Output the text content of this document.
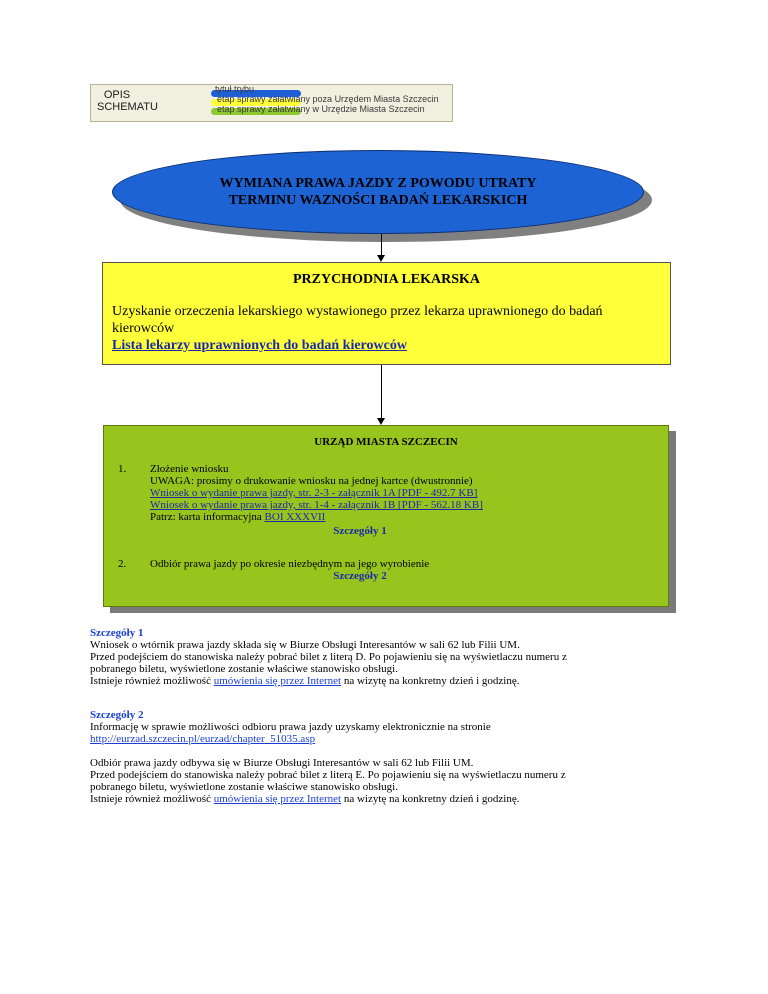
OPIS
SCHEMATU
tytuł trybu
etap sprawy załatwiany poza Urzędem Miasta Szczecin
etap sprawy załatwiany w Urzędzie Miasta Szczecin
WYMIANA PRAWA JAZDY Z POWODU UTRATY
TERMINU WAZNOŚCI BADAŃ LEKARSKICH
PRZYCHODNIA LEKARSKA
Uzyskanie orzeczenia lekarskiego wystawionego przez lekarza uprawnionego do badań kierowców
Lista lekarzy uprawnionych do badań kierowców
URZĄD MIASTA SZCZECIN
1. Złożenie wniosku
UWAGA: prosimy o drukowanie wniosku na jednej kartce (dwustronnie)
Wniosek o wydanie prawa jazdy, str. 2-3 - załącznik 1A [PDF - 492.7 KB]
Wniosek o wydanie prawa jazdy, str. 1-4 - załącznik 1B [PDF - 562.18 KB]
Patrz: karta informacyjna BOI XXXVII
Szczegóły 1
2. Odbiór prawa jazdy po okresie niezbędnym na jego wyrobienie
Szczegóły 2
Szczegóły 1
Wniosek o wtórnik prawa jazdy składa się w Biurze Obsługi Interesantów w sali 62 lub Filii UM.
Przed podejściem do stanowiska należy pobrać bilet z literą D. Po pojawieniu się na wyświetlaczu numeru z
pobranego biletu, wyświetlone zostanie właściwe stanowisko obsługi.
Istnieje również możliwość umówienia się przez Internet na wizytę na konkretny dzień i godzinę.
Szczegóły 2
Informację w sprawie możliwości odbioru prawa jazdy uzyskamy elektronicznie na stronie
http://eurzad.szczecin.pl/eurzad/chapter_51035.asp
Odbiór prawa jazdy odbywa się w Biurze Obsługi Interesantów w sali 62 lub Filii UM.
Przed podejściem do stanowiska należy pobrać bilet z literą E. Po pojawieniu się na wyświetlaczu numeru z
pobranego biletu, wyświetlone zostanie właściwe stanowisko obsługi.
Istnieje również możliwość umówienia się przez Internet na wizytę na konkretny dzień i godzinę.
